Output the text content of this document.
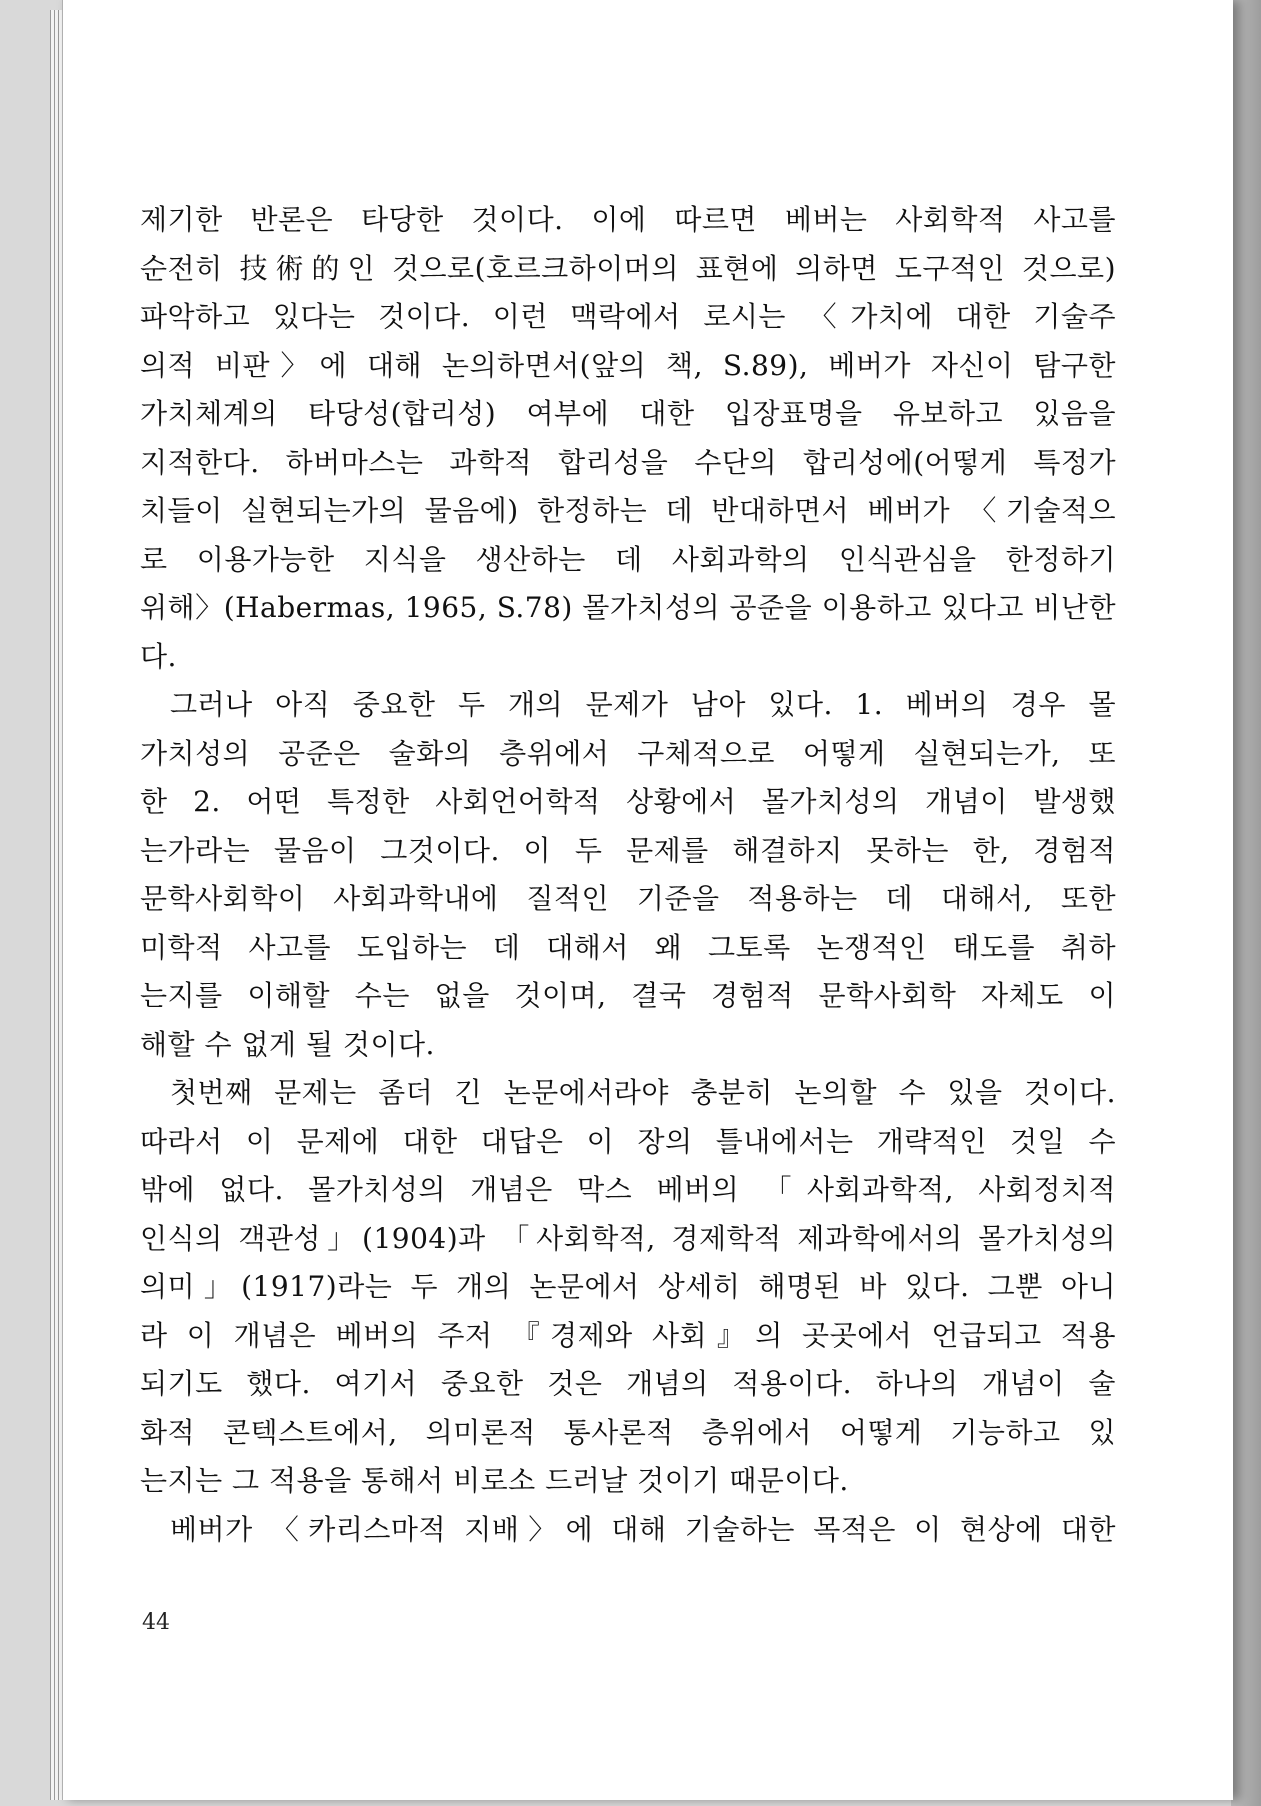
제기한 반론은 타당한 것이다. 이에 따르면 베버는 사회학적 사고를
순전히 技術的인 것으로(호르크하이머의 표현에 의하면 도구적인 것으로)
파악하고 있다는 것이다. 이런 맥락에서 로시는 〈가치에 대한 기술주
의적 비판〉에 대해 논의하면서(앞의 책, S.89), 베버가 자신이 탐구한
가치체계의 타당성(합리성) 여부에 대한 입장표명을 유보하고 있음을
지적한다. 하버마스는 과학적 합리성을 수단의 합리성에(어떻게 특정가
치들이 실현되는가의 물음에) 한정하는 데 반대하면서 베버가 〈기술적으
로 이용가능한 지식을 생산하는 데 사회과학의 인식관심을 한정하기
위해〉(Habermas, 1965, S.78) 몰가치성의 공준을 이용하고 있다고 비난한
다.
그러나 아직 중요한 두 개의 문제가 남아 있다. 1. 베버의 경우 몰
가치성의 공준은 술화의 층위에서 구체적으로 어떻게 실현되는가, 또
한 2. 어떤 특정한 사회언어학적 상황에서 몰가치성의 개념이 발생했
는가라는 물음이 그것이다. 이 두 문제를 해결하지 못하는 한, 경험적
문학사회학이 사회과학내에 질적인 기준을 적용하는 데 대해서, 또한
미학적 사고를 도입하는 데 대해서 왜 그토록 논쟁적인 태도를 취하
는지를 이해할 수는 없을 것이며, 결국 경험적 문학사회학 자체도 이
해할 수 없게 될 것이다.
첫번째 문제는 좀더 긴 논문에서라야 충분히 논의할 수 있을 것이다.
따라서 이 문제에 대한 대답은 이 장의 틀내에서는 개략적인 것일 수
밖에 없다. 몰가치성의 개념은 막스 베버의 「사회과학적, 사회정치적
인식의 객관성」(1904)과 「사회학적, 경제학적 제과학에서의 몰가치성의
의미」(1917)라는 두 개의 논문에서 상세히 해명된 바 있다. 그뿐 아니
라 이 개념은 베버의 주저 『경제와 사회』의 곳곳에서 언급되고 적용
되기도 했다. 여기서 중요한 것은 개념의 적용이다. 하나의 개념이 술
화적 콘텍스트에서, 의미론적 통사론적 층위에서 어떻게 기능하고 있
는지는 그 적용을 통해서 비로소 드러날 것이기 때문이다.
베버가 〈카리스마적 지배〉에 대해 기술하는 목적은 이 현상에 대한
44
